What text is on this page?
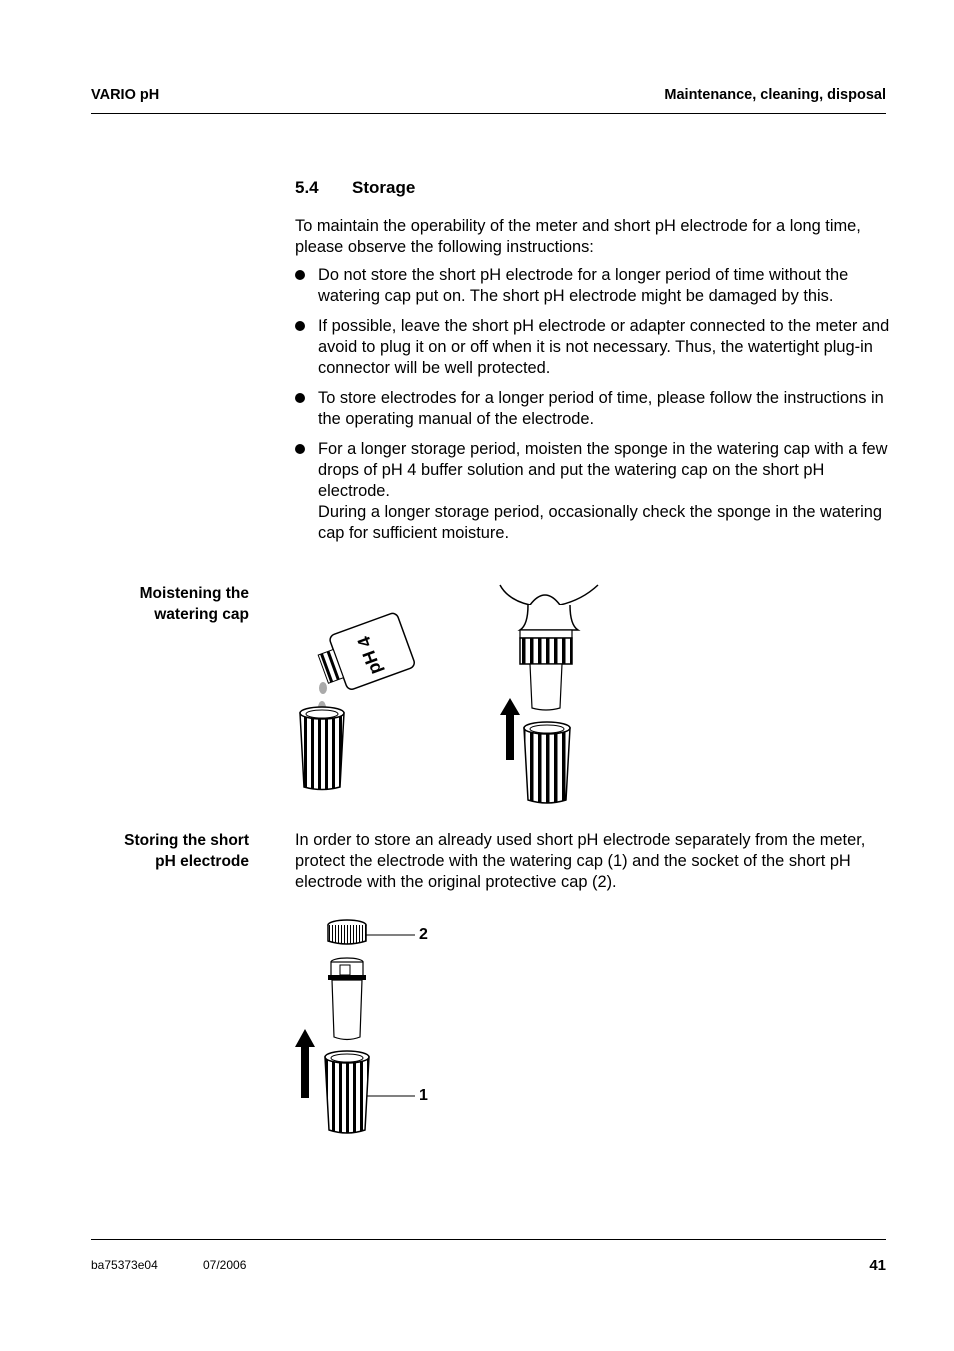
VARIO pH	Maintenance, cleaning, disposal
5.4 Storage

To maintain the operability of the meter and short pH electrode for a long time, please observe the following instructions:

Do not store the short pH electrode for a longer period of time without the watering cap put on. The short pH electrode might be damaged by this.
If possible, leave the short pH electrode or adapter connected to the meter and avoid to plug it on or off when it is not necessary. Thus, the watertight plug-in connector will be well protected.
To store electrodes for a longer period of time, please follow the instructions in the operating manual of the electrode.
For a longer storage period, moisten the sponge in the watering cap with a few drops of pH 4 buffer solution and put the watering cap on the short pH electrode.
During a longer storage period, occasionally check the sponge in the watering cap for sufficient moisture.
Moistening the
watering cap
pH 4
Storing the short
pH electrode

In order to store an already used short pH electrode separately from the meter, protect the electrode with the watering cap (1) and the socket of the short pH electrode with the original protective cap (2).

2
1
ba75373e04	07/2006	41
